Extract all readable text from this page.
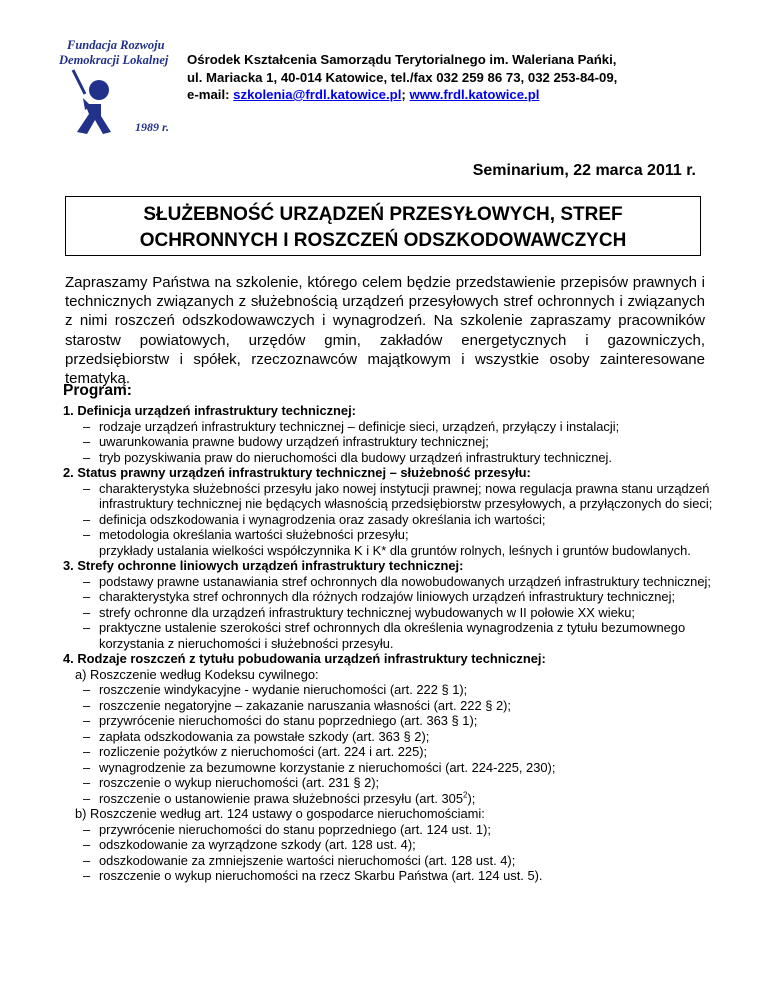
Fundacja Rozwoju
Demokracji Lokalnej
1989 r.
Ośrodek Kształcenia Samorządu Terytorialnego im. Waleriana Pańki,
ul. Mariacka 1, 40-014 Katowice, tel./fax 032 259 86 73, 032 253-84-09,
e-mail: szkolenia@frdl.katowice.pl; www.frdl.katowice.pl
Seminarium, 22 marca 2011 r.
SŁUŻEBNOŚĆ URZĄDZEŃ PRZESYŁOWYCH, STREF
OCHRONNYCH I ROSZCZEŃ ODSZKODOWAWCZYCH
Zapraszamy Państwa na szkolenie, którego celem będzie przedstawienie przepisów prawnych i technicznych związanych z służebnością urządzeń przesyłowych stref ochronnych i związanych z nimi roszczeń odszkodowawczych i wynagrodzeń. Na szkolenie zapraszamy pracowników starostw powiatowych, urzędów gmin, zakładów energetycznych i gazowniczych, przedsiębiorstw i spółek, rzeczoznawców majątkowym i wszystkie osoby zainteresowane tematyką.
Program:
1. Definicja urządzeń infrastruktury technicznej:
– rodzaje urządzeń infrastruktury technicznej – definicje sieci, urządzeń, przyłączy i instalacji;
– uwarunkowania prawne budowy urządzeń infrastruktury technicznej;
– tryb pozyskiwania praw do nieruchomości dla budowy urządzeń infrastruktury technicznej.
2. Status prawny urządzeń infrastruktury technicznej – służebność przesyłu:
– charakterystyka służebności przesyłu jako nowej instytucji prawnej; nowa regulacja prawna stanu urządzeń infrastruktury technicznej nie będących własnością przedsiębiorstw przesyłowych, a przyłączonych do sieci;
– definicja odszkodowania i wynagrodzenia oraz zasady określania ich wartości;
– metodologia określania wartości służebności przesyłu;
przykłady ustalania wielkości współczynnika K i K* dla gruntów rolnych, leśnych i gruntów budowlanych.
3. Strefy ochronne liniowych urządzeń infrastruktury technicznej:
– podstawy prawne ustanawiania stref ochronnych dla nowobudowanych urządzeń infrastruktury technicznej;
– charakterystyka stref ochronnych dla różnych rodzajów liniowych urządzeń infrastruktury technicznej;
– strefy ochronne dla urządzeń infrastruktury technicznej wybudowanych w II połowie XX wieku;
– praktyczne ustalenie szerokości stref ochronnych dla określenia wynagrodzenia z tytułu bezumownego korzystania z nieruchomości i służebności przesyłu.
4. Rodzaje roszczeń z tytułu pobudowania urządzeń infrastruktury technicznej:
a) Roszczenie według Kodeksu cywilnego:
– roszczenie windykacyjne - wydanie nieruchomości (art. 222 § 1);
– roszczenie negatoryjne – zakazanie naruszania własności (art. 222 § 2);
– przywrócenie nieruchomości do stanu poprzedniego (art. 363 § 1);
– zapłata odszkodowania za powstałe szkody (art. 363 § 2);
– rozliczenie pożytków z nieruchomości (art. 224 i art. 225);
– wynagrodzenie za bezumowne korzystanie z nieruchomości (art. 224-225, 230);
– roszczenie o wykup nieruchomości (art. 231 § 2);
– roszczenie o ustanowienie prawa służebności przesyłu (art. $305^2$);
b) Roszczenie według art. 124 ustawy o gospodarce nieruchomościami:
– przywrócenie nieruchomości do stanu poprzedniego (art. 124 ust. 1);
– odszkodowanie za wyrządzone szkody (art. 128 ust. 4);
– odszkodowanie za zmniejszenie wartości nieruchomości (art. 128 ust. 4);
– roszczenie o wykup nieruchomości na rzecz Skarbu Państwa (art. 124 ust. 5).
